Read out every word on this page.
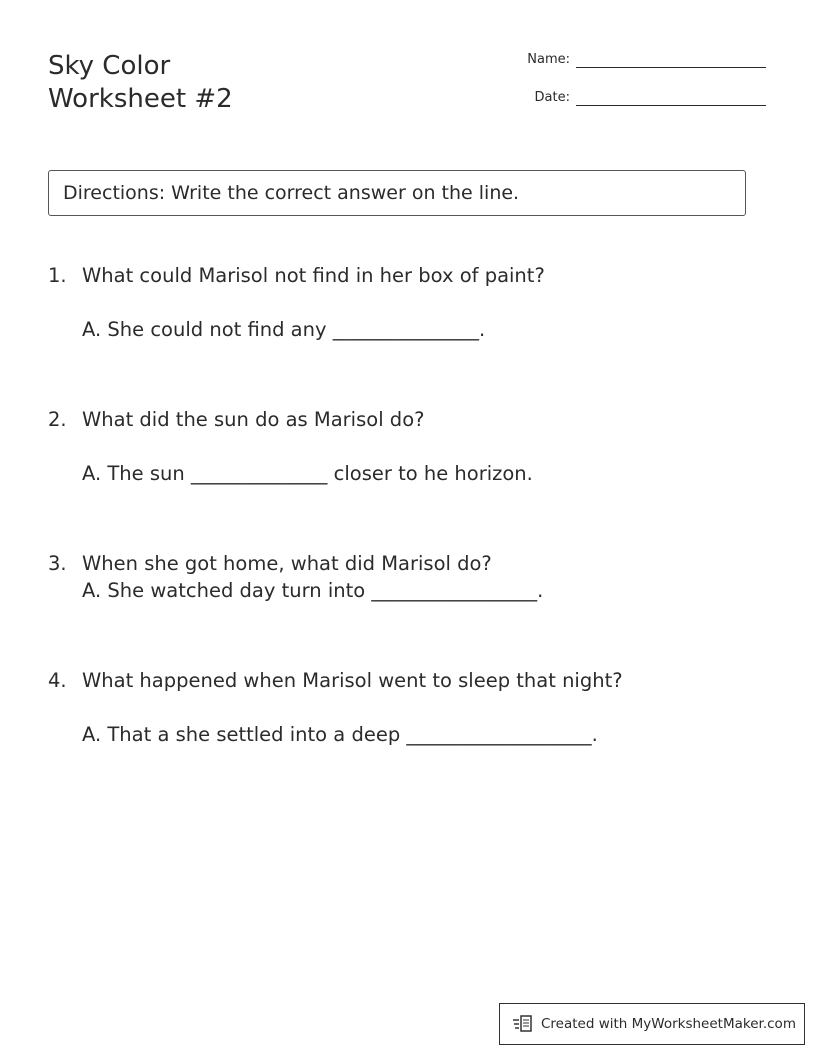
Sky Color
Worksheet #2
Name:
Date:
Directions: Write the correct answer on the line.
1. What could Marisol not find in her box of paint?
A. She could not find any _______________.
2. What did the sun do as Marisol do?
A. The sun ______________ closer to he horizon.
3. When she got home, what did Marisol do?
A. She watched day turn into _________________.
4. What happened when Marisol went to sleep that night?
A. That a she settled into a deep ___________________.
Created with MyWorksheetMaker.com
